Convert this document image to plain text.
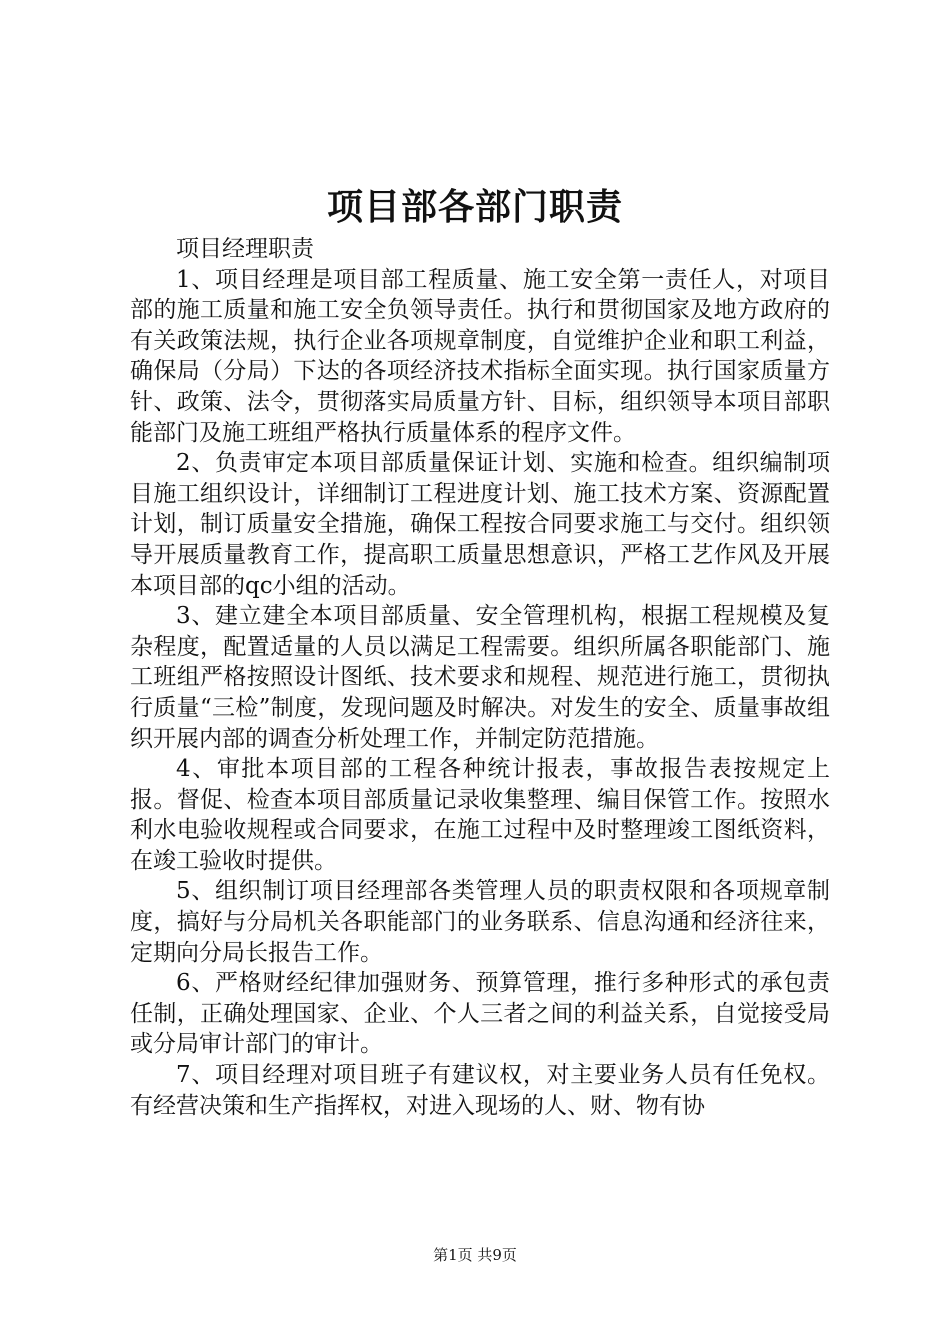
项目部各部门职责

项目经理职责

1、项目经理是项目部工程质量、施工安全第一责任人，对项目部的施工质量和施工安全负领导责任。执行和贯彻国家及地方政府的有关政策法规，执行企业各项规章制度，自觉维护企业和职工利益，确保局（分局）下达的各项经济技术指标全面实现。执行国家质量方针、政策、法令，贯彻落实局质量方针、目标，组织领导本项目部职能部门及施工班组严格执行质量体系的程序文件。

2、负责审定本项目部质量保证计划、实施和检查。组织编制项目施工组织设计，详细制订工程进度计划、施工技术方案、资源配置计划，制订质量安全措施，确保工程按合同要求施工与交付。组织领导开展质量教育工作，提高职工质量思想意识，严格工艺作风及开展本项目部的qc小组的活动。

3、建立建全本项目部质量、安全管理机构，根据工程规模及复杂程度，配置适量的人员以满足工程需要。组织所属各职能部门、施工班组严格按照设计图纸、技术要求和规程、规范进行施工，贯彻执行质量“三检”制度，发现问题及时解决。对发生的安全、质量事故组织开展内部的调查分析处理工作，并制定防范措施。

4、审批本项目部的工程各种统计报表，事故报告表按规定上报。督促、检查本项目部质量记录收集整理、编目保管工作。按照水利水电验收规程或合同要求，在施工过程中及时整理竣工图纸资料，在竣工验收时提供。

5、组织制订项目经理部各类管理人员的职责权限和各项规章制度，搞好与分局机关各职能部门的业务联系、信息沟通和经济往来，定期向分局长报告工作。

6、严格财经纪律加强财务、预算管理，推行多种形式的承包责任制，正确处理国家、企业、个人三者之间的利益关系，自觉接受局或分局审计部门的审计。

7、项目经理对项目班子有建议权，对主要业务人员有任免权。有经营决策和生产指挥权，对进入现场的人、财、物有协

第1页 共9页
